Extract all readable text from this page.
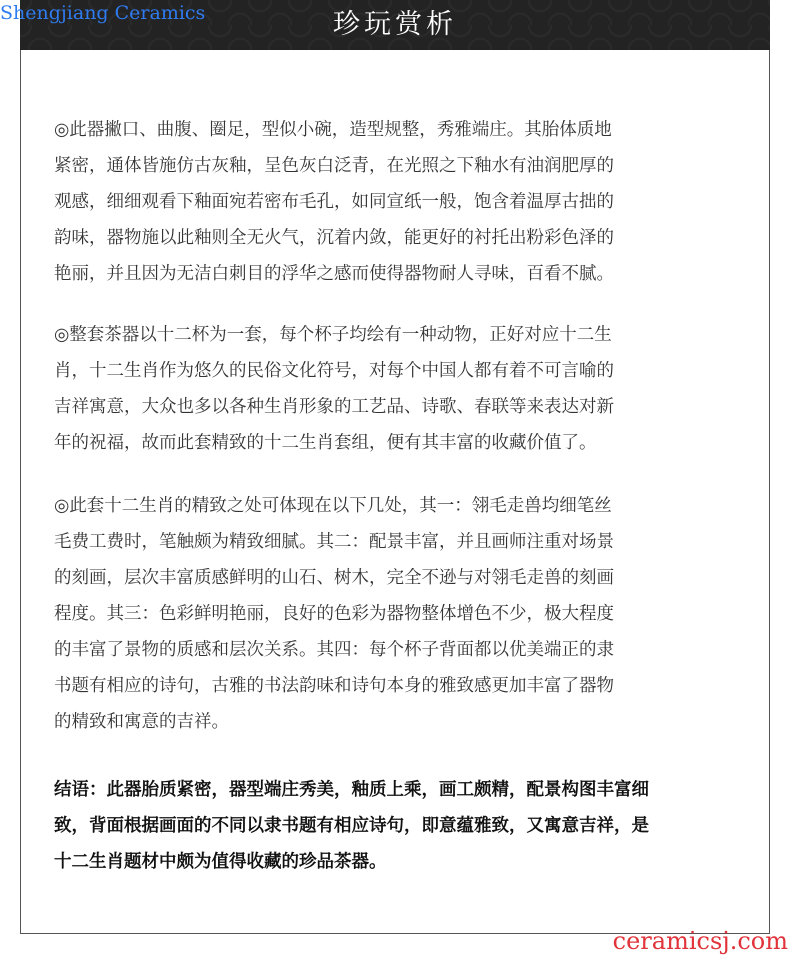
珍玩赏析
Shengjiang Ceramics
◎此器撇口、曲腹、圈足，型似小碗，造型规整，秀雅端庄。其胎体质地
紧密，通体皆施仿古灰釉，呈色灰白泛青，在光照之下釉水有油润肥厚的
观感，细细观看下釉面宛若密布毛孔，如同宣纸一般，饱含着温厚古拙的
韵味，器物施以此釉则全无火气，沉着内敛，能更好的衬托出粉彩色泽的
艳丽，并且因为无洁白刺目的浮华之感而使得器物耐人寻味，百看不腻。
◎整套茶器以十二杯为一套，每个杯子均绘有一种动物，正好对应十二生
肖，十二生肖作为悠久的民俗文化符号，对每个中国人都有着不可言喻的
吉祥寓意，大众也多以各种生肖形象的工艺品、诗歌、春联等来表达对新
年的祝福，故而此套精致的十二生肖套组，便有其丰富的收藏价值了。
◎此套十二生肖的精致之处可体现在以下几处，其一：翎毛走兽均细笔丝
毛费工费时，笔触颇为精致细腻。其二：配景丰富，并且画师注重对场景
的刻画，层次丰富质感鲜明的山石、树木，完全不逊与对翎毛走兽的刻画
程度。其三：色彩鲜明艳丽，良好的色彩为器物整体增色不少，极大程度
的丰富了景物的质感和层次关系。其四：每个杯子背面都以优美端正的隶
书题有相应的诗句，古雅的书法韵味和诗句本身的雅致感更加丰富了器物
的精致和寓意的吉祥。
结语：此器胎质紧密，器型端庄秀美，釉质上乘，画工颇精，配景构图丰富细
致，背面根据画面的不同以隶书题有相应诗句，即意蕴雅致，又寓意吉祥，是
十二生肖题材中颇为值得收藏的珍品茶器。
ceramicsj.com
